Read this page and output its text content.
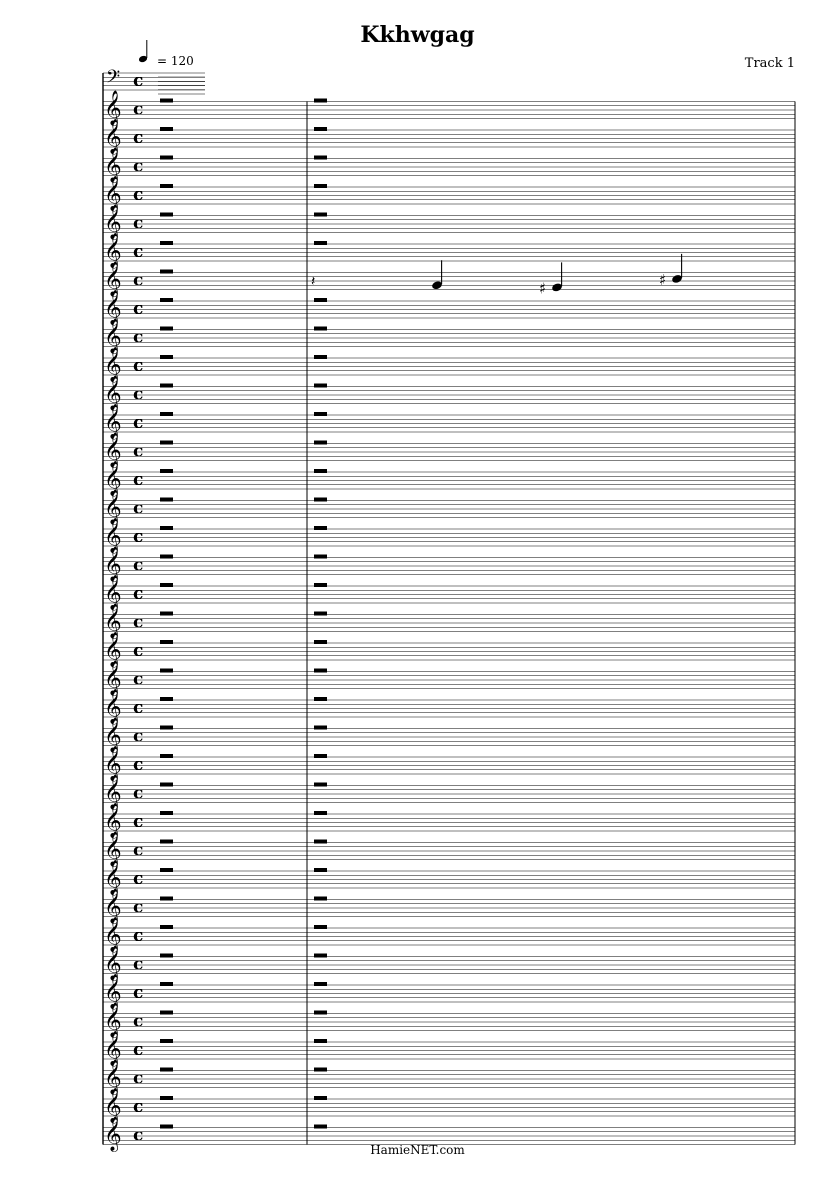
Kkhwgag
Track 1
= 120
HamieNET.com
𝄢 c
𝄞 c
𝄞 c
𝄞 c
𝄞 c
𝄞 c
𝄞 c
𝄞 c
𝄞 c
𝄞 c
𝄞 c
𝄞 c
𝄞 c
𝄞 c
𝄞 c
𝄞 c
𝄞 c
𝄞 c
𝄞 c
𝄞 c
𝄞 c
𝄞 c
𝄞 c
𝄞 c
𝄞 c
𝄞 c
𝄞 c
𝄞 c
𝄞 c
𝄞 c
𝄞 c
𝄞 c
𝄞 c
𝄞 c
𝄞 c
𝄞 c
𝄞 c
𝄞 c
𝄽	♯	♯
